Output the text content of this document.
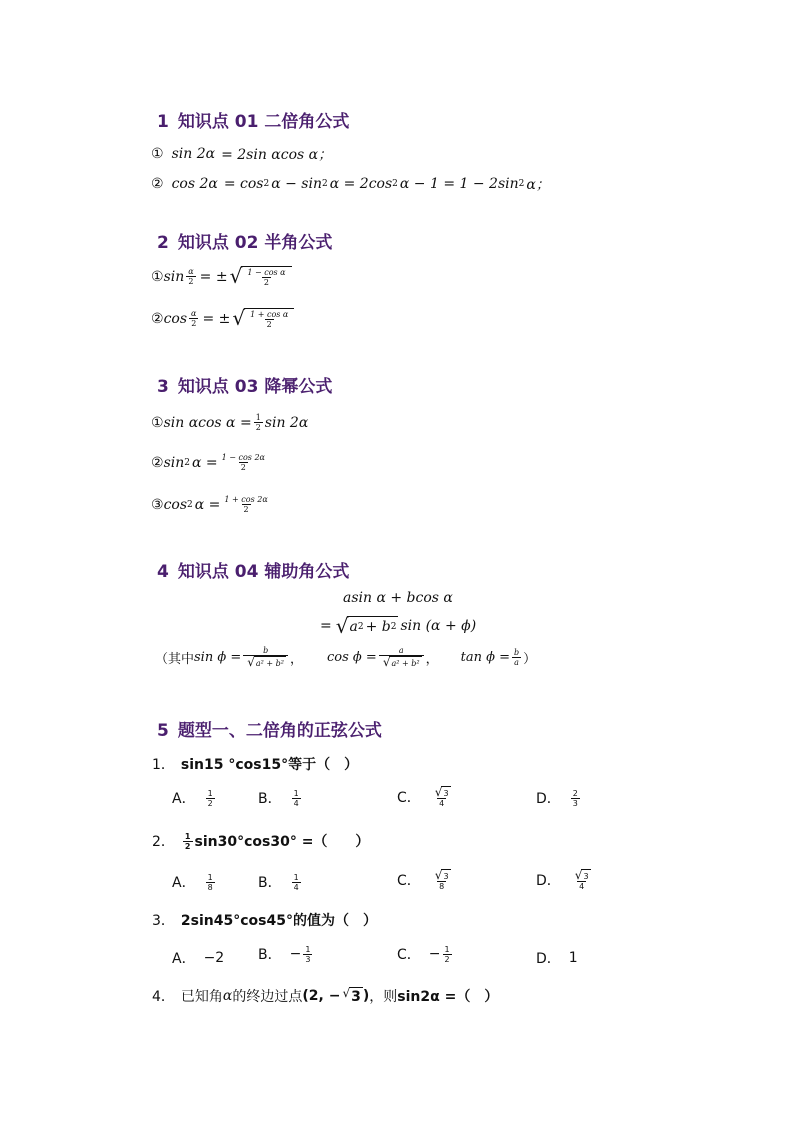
1 知识点 01 二倍角公式
2 知识点 02 半角公式
3 知识点 03 降幂公式
4 知识点 04 辅助角公式
5 题型一、二倍角的正弦公式
① sin 2α = 2sin αcos α；
② cos 2α = cos 2 α − sin 2 α = 2cos 2 α − 1 = 1 − 2sin 2 α；
① $\sin \frac{\alpha}{2}$ = ± √ $\frac{\text{1 − cos α}}{2}$
② $\cos \frac{\alpha}{2}$ = ± √ $\frac{\text{1 + cos α}}{2}$
① sin αcos $\alpha = \frac{1}{2}$ sin 2α
② sin 2 $\alpha = \frac{1 - \cos 2\alpha}{2}$
③ cos 2 $\alpha = \frac{1 + \cos 2\alpha}{2}$
asin α + bcos α
= √ a 2 + b 2 sin (α + ϕ)
（其中 $\sin \phi = \frac{b}{\text{√ a² + b²}}$ ， $\cos \phi = \frac{a}{\text{√ a² + b²}}$ ， $\tan \phi = \frac{b}{a}$ ）
1． sin15 °cos15°等于（　）
A． $\frac{1}{2}$	B． $\frac{1}{4}$	C． $\frac{√ 3}{4}$	D． $\frac{2}{3}$
2． $\frac{1}{2} \sin 30^\circ\cos 30^\circ$ =（　　）
A． $\frac{1}{8}$	B． $\frac{1}{4}$	C． $\frac{√ 3}{8}$	D． $\frac{√ 3}{4}$
3． 2sin45°cos45°的值为（　）
A． −2 B． − $\frac{1}{3}$	C． − $\frac{1}{2}$	D． 1
4． 已知角 α 的终边过点 (2, − √ 3 ) ，则 sin2α =（　）
